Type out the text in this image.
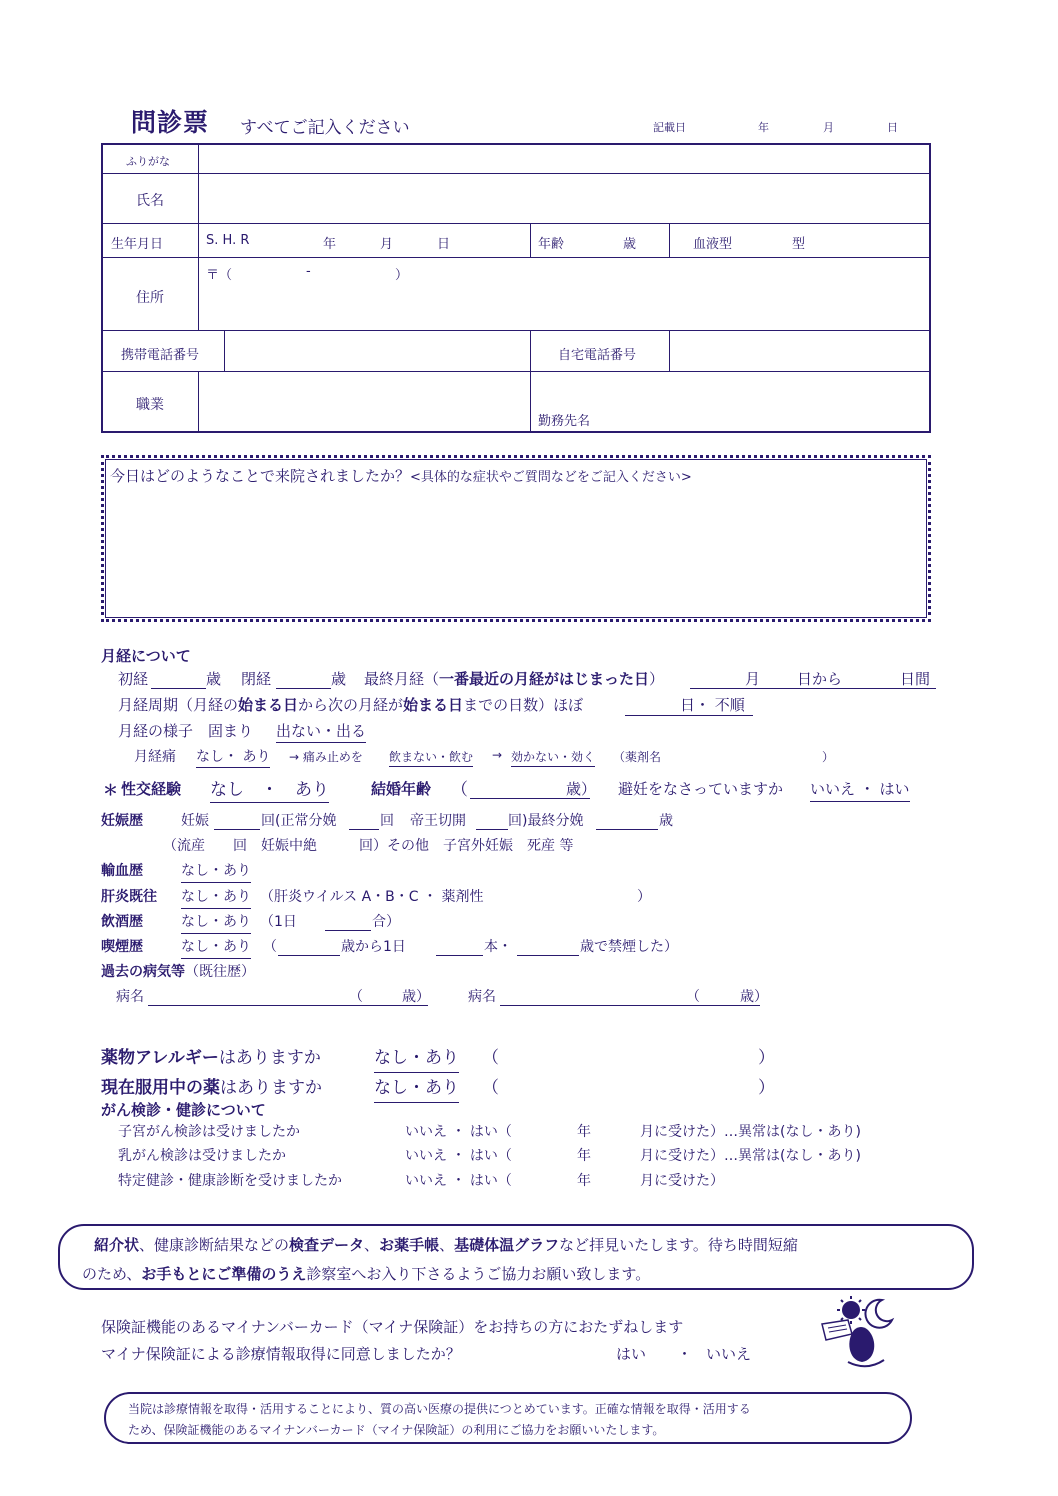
問診票 すべてご記入ください	記載日	年	月	日
ふりがな
氏名
生年月日	S. H. R	年	月	日	年齢	歳	血液型	型
住所
〒（	-	）
携帯電話番号	自宅電話番号
職業
勤務先名
今日はどのようなことで来院されましたか？<具体的な症状やご質問などをご記入ください>
月経について
初経	歳 閉経	歳 最終月経（一番最近の月経がはじまった日）	月 日から	日間
月経周期（月経の始まる日から次の月経が始まる日までの日数）ほぼ	日・ 不順
月経の様子　固まり 出ない・出る
月経痛 なし・ あり → 痛み止めを 飲まない・飲む → 効かない・効く （薬剤名	）
＊ 性交経験 なし　・　あり	結婚年齢 （	歳） 避妊をなさっていますか いいえ ・ はい
妊娠歴	妊娠	回(正常分娩	回 帝王切開	回)最終分娩	歳
（流産　　回　妊娠中絶　　　回）その他　子宮外妊娠　死産 等
輸血歴	なし・あり
肝炎既往 なし・あり （肝炎ウイルス A・B・C ・ 薬剤性	）
飲酒歴	なし・あり （1日	合）
喫煙歴	なし・あり （	歳から1日	本・	歳で禁煙した）
過去の病気等（既往歴）
病名	（	歳）	病名	（	歳）
薬物アレルギーはありますか	なし・あり （	）
現在服用中の薬はありますか	なし・あり （	）
がん検診・健診について
子宮がん検診は受けましたか	いいえ ・ はい（	年	月に受けた）…異常は(なし・あり)
乳がん検診は受けましたか	いいえ ・ はい（	年	月に受けた）…異常は(なし・あり)
特定健診・健康診断を受けましたか	いいえ ・ はい（	年	月に受けた）
紹介状、健康診断結果などの検査データ、お薬手帳、基礎体温グラフなど拝見いたします。待ち時間短縮
のため、お手もとにご準備のうえ診察室へお入り下さるようご協力お願い致します。
保険証機能のあるマイナンバーカード（マイナ保険証）をお持ちの方におたずねします
マイナ保険証による診療情報取得に同意しましたか？	はい ・ いいえ
当院は診療情報を取得・活用することにより、質の高い医療の提供につとめています。正確な情報を取得・活用する
ため、保険証機能のあるマイナンバーカード（マイナ保険証）の利用にご協力をお願いいたします。
